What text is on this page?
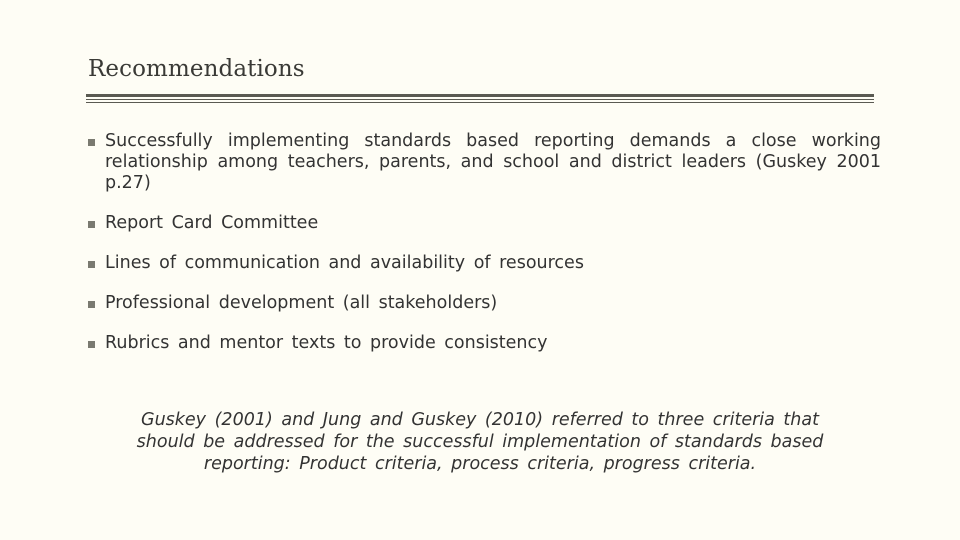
Recommendations
Successfully implementing standards based reporting demands a close working relationship among teachers, parents, and school and district leaders (Guskey 2001 p.27)
Report Card Committee
Lines of communication and availability of resources
Professional development (all stakeholders)
Rubrics and mentor texts to provide consistency
Guskey (2001) and Jung and Guskey (2010) referred to three criteria that should be addressed for the successful implementation of standards based reporting: Product criteria, process criteria, progress criteria.
